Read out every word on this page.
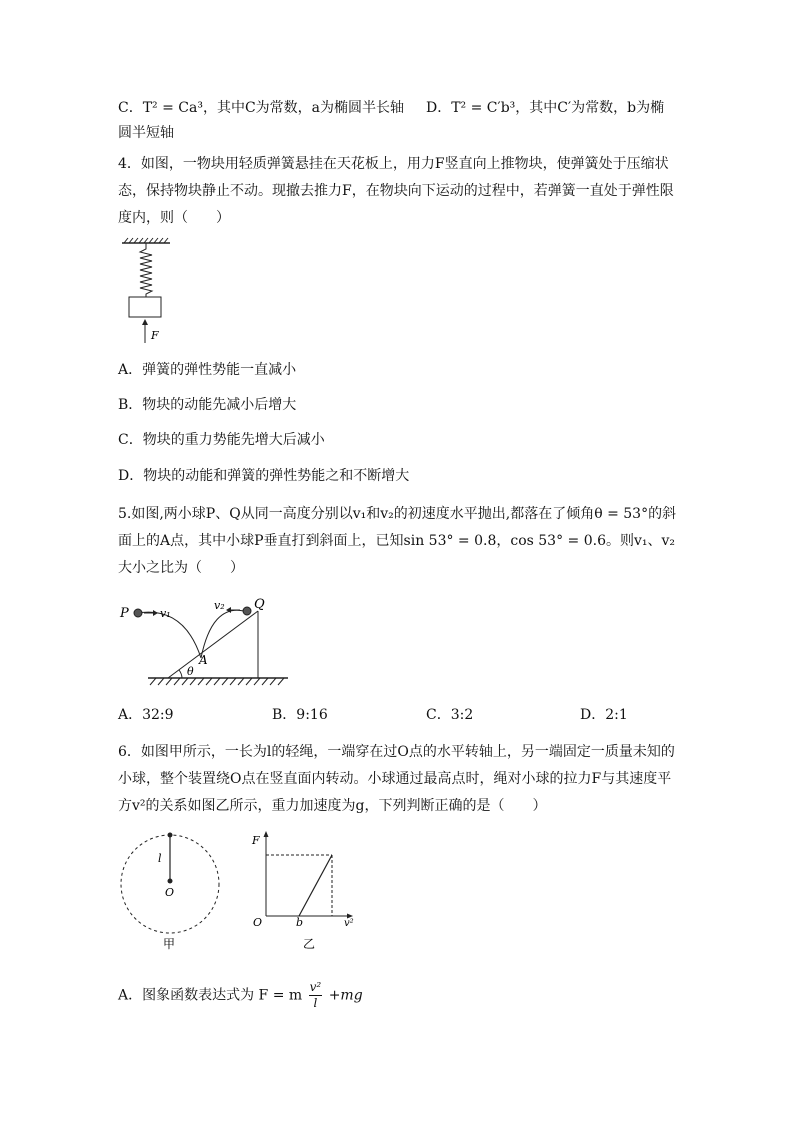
C．T² = Ca³，其中C为常数，a为椭圆半长轴 D．T² = C′b³，其中C′为常数，b为椭
圆半短轴
4．如图，一物块用轻质弹簧悬挂在天花板上，用力F竖直向上推物块，使弹簧处于压缩状态，保持物块静止不动。现撤去推力F，在物块向下运动的过程中，若弹簧一直处于弹性限度内，则（　　）
F
A．弹簧的弹性势能一直减小
B．物块的动能先减小后增大
C．物块的重力势能先增大后减小
D．物块的动能和弹簧的弹性势能之和不断增大
5.如图,两小球P、Q从同一高度分别以v₁和v₂的初速度水平抛出,都落在了倾角θ = 53°的斜面上的A点，其中小球P垂直打到斜面上，已知sin 53° = 0.8，cos 53° = 0.6。则v₁、v₂大小之比为（　　）
P	v₁
v₂ Q
A
θ
A．32:9	B．9:16	C．3:2	D．2:1
6．如图甲所示，一长为l的轻绳，一端穿在过O点的水平转轴上，另一端固定一质量未知的小球，整个装置绕O点在竖直面内转动。小球通过最高点时，绳对小球的拉力F与其速度平方v²的关系如图乙所示，重力加速度为g，下列判断正确的是（　　）
l
O
甲
F
O	b	v²
乙
A．图象函数表达式为 F = m $\frac{\text{v²}}{l} +mg$
